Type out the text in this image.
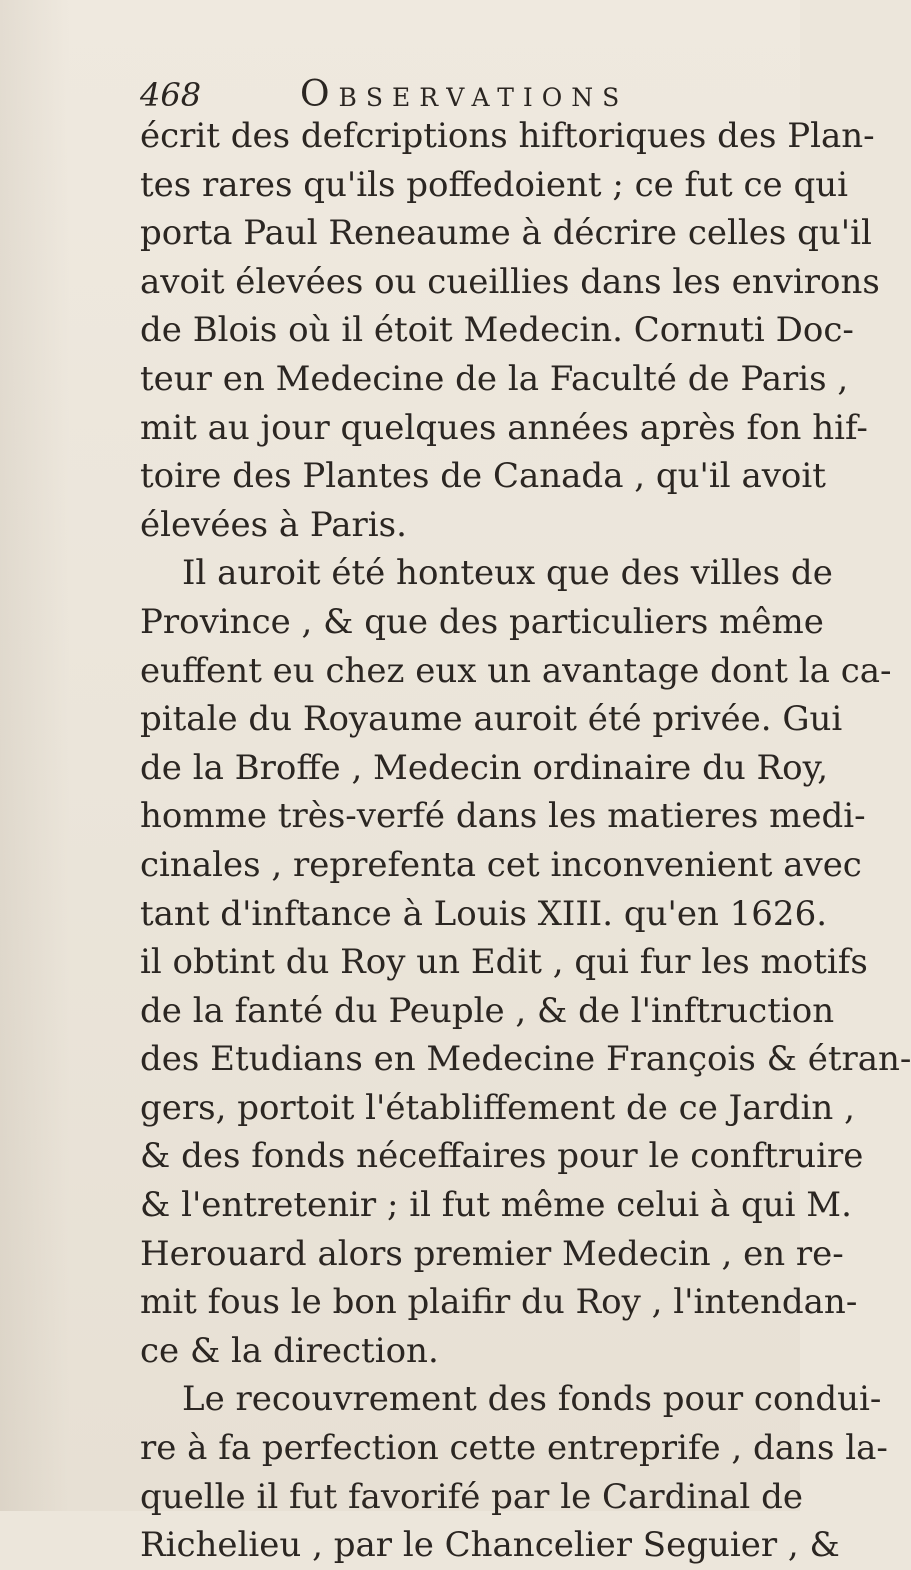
468	Observations
écrit des defcriptions hiftoriques des Plan-
tes rares qu'ils poffedoient ; ce fut ce qui
porta Paul Reneaume à décrire celles qu'il
avoit élevées ou cueillies dans les environs
de Blois où il étoit Medecin. Cornuti Doc-
teur en Medecine de la Faculté de Paris ,
mit au jour quelques années après fon hif-
toire des Plantes de Canada , qu'il avoit
élevées à Paris.
Il auroit été honteux que des villes de
Province , & que des particuliers même
euffent eu chez eux un avantage dont la ca-
pitale du Royaume auroit été privée. Gui
de la Broffe , Medecin ordinaire du Roy,
homme très-verfé dans les matieres medi-
cinales , reprefenta cet inconvenient avec
tant d'inftance à Louis XIII. qu'en 1626.
il obtint du Roy un Edit , qui fur les motifs
de la fanté du Peuple , & de l'inftruction
des Etudians en Medecine François & étran-
gers, portoit l'établiffement de ce Jardin ,
& des fonds néceffaires pour le conftruire
& l'entretenir ; il fut même celui à qui M.
Herouard alors premier Medecin , en re-
mit fous le bon plaifir du Roy , l'intendan-
ce & la direction.
Le recouvrement des fonds pour condui-
re à fa perfection cette entreprife , dans la-
quelle il fut favorifé par le Cardinal de
Richelieu , par le Chancelier Seguier , &
